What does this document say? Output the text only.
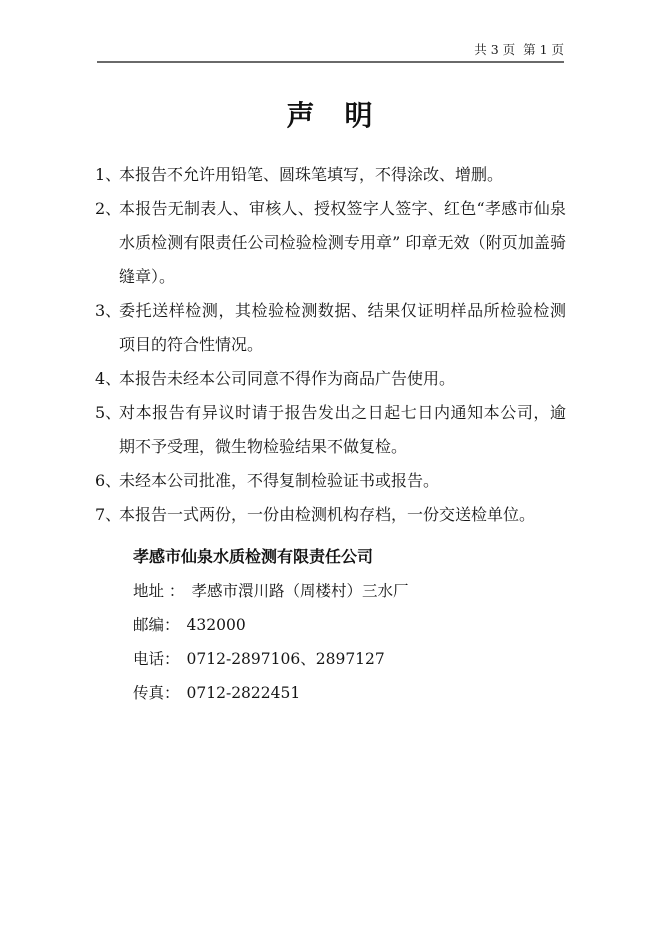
共 3 页  第 1 页
声　明
1、
本报告不允许用铅笔、圆珠笔填写，不得涂改、增删。
2、
本报告无制表人、审核人、授权签字人签字、红色“孝感市仙泉水质检测有限责任公司检验检测专用章” 印章无效（附页加盖骑缝章）。
3、
委托送样检测，其检验检测数据、结果仅证明样品所检验检测项目的符合性情况。
4、
本报告未经本公司同意不得作为商品广告使用。
5、
对本报告有异议时请于报告发出之日起七日内通知本公司，逾期不予受理，微生物检验结果不做复检。
6、
未经本公司批准，不得复制检验证书或报告。
7、
本报告一式两份，一份由检测机构存档，一份交送检单位。
孝感市仙泉水质检测有限责任公司
地址 ： 孝感市澴川路（周楼村）三水厂
邮编： 432000
电话： 0712-2897106、2897127
传真： 0712-2822451
